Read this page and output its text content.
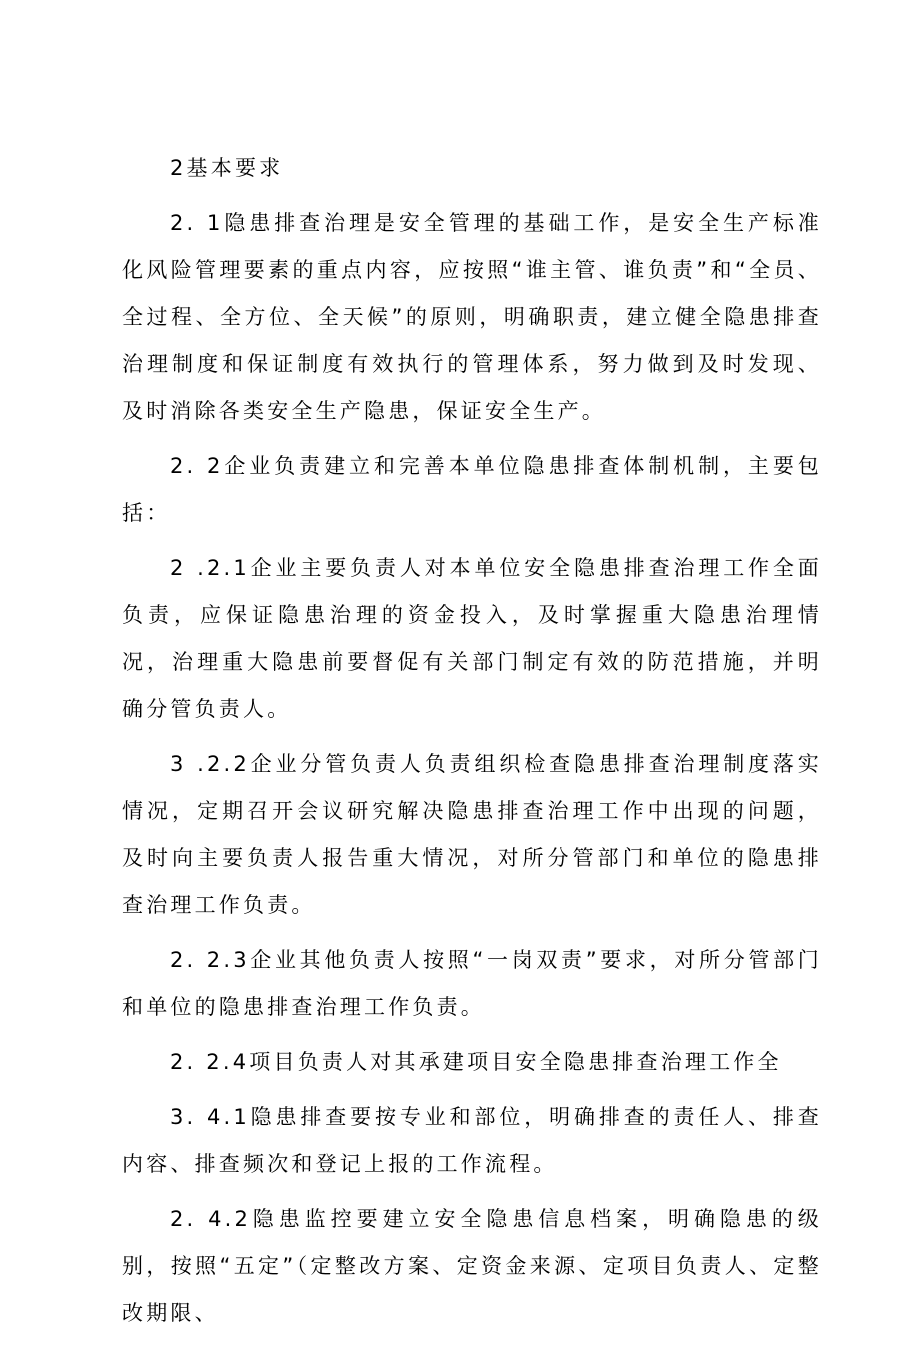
2基本要求

2. 1隐患排查治理是安全管理的基础工作，是安全生产标准化风险管理要素的重点内容，应按照“谁主管、谁负责”和“全员、全过程、全方位、全天候”的原则，明确职责，建立健全隐患排查治理制度和保证制度有效执行的管理体系，努力做到及时发现、及时消除各类安全生产隐患，保证安全生产。

2. 2企业负责建立和完善本单位隐患排查体制机制，主要包括：

2 .2.1企业主要负责人对本单位安全隐患排查治理工作全面负责，应保证隐患治理的资金投入，及时掌握重大隐患治理情况，治理重大隐患前要督促有关部门制定有效的防范措施，并明确分管负责人。

3 .2.2企业分管负责人负责组织检查隐患排查治理制度落实情况，定期召开会议研究解决隐患排查治理工作中出现的问题，及时向主要负责人报告重大情况，对所分管部门和单位的隐患排查治理工作负责。

2. 2.3企业其他负责人按照“一岗双责”要求，对所分管部门和单位的隐患排查治理工作负责。

2. 2.4项目负责人对其承建项目安全隐患排查治理工作全

3. 4.1隐患排查要按专业和部位，明确排查的责任人、排查内容、排查频次和登记上报的工作流程。

2. 4.2隐患监控要建立安全隐患信息档案，明确隐患的级别，按照“五定”（定整改方案、定资金来源、定项目负责人、定整改期限、
